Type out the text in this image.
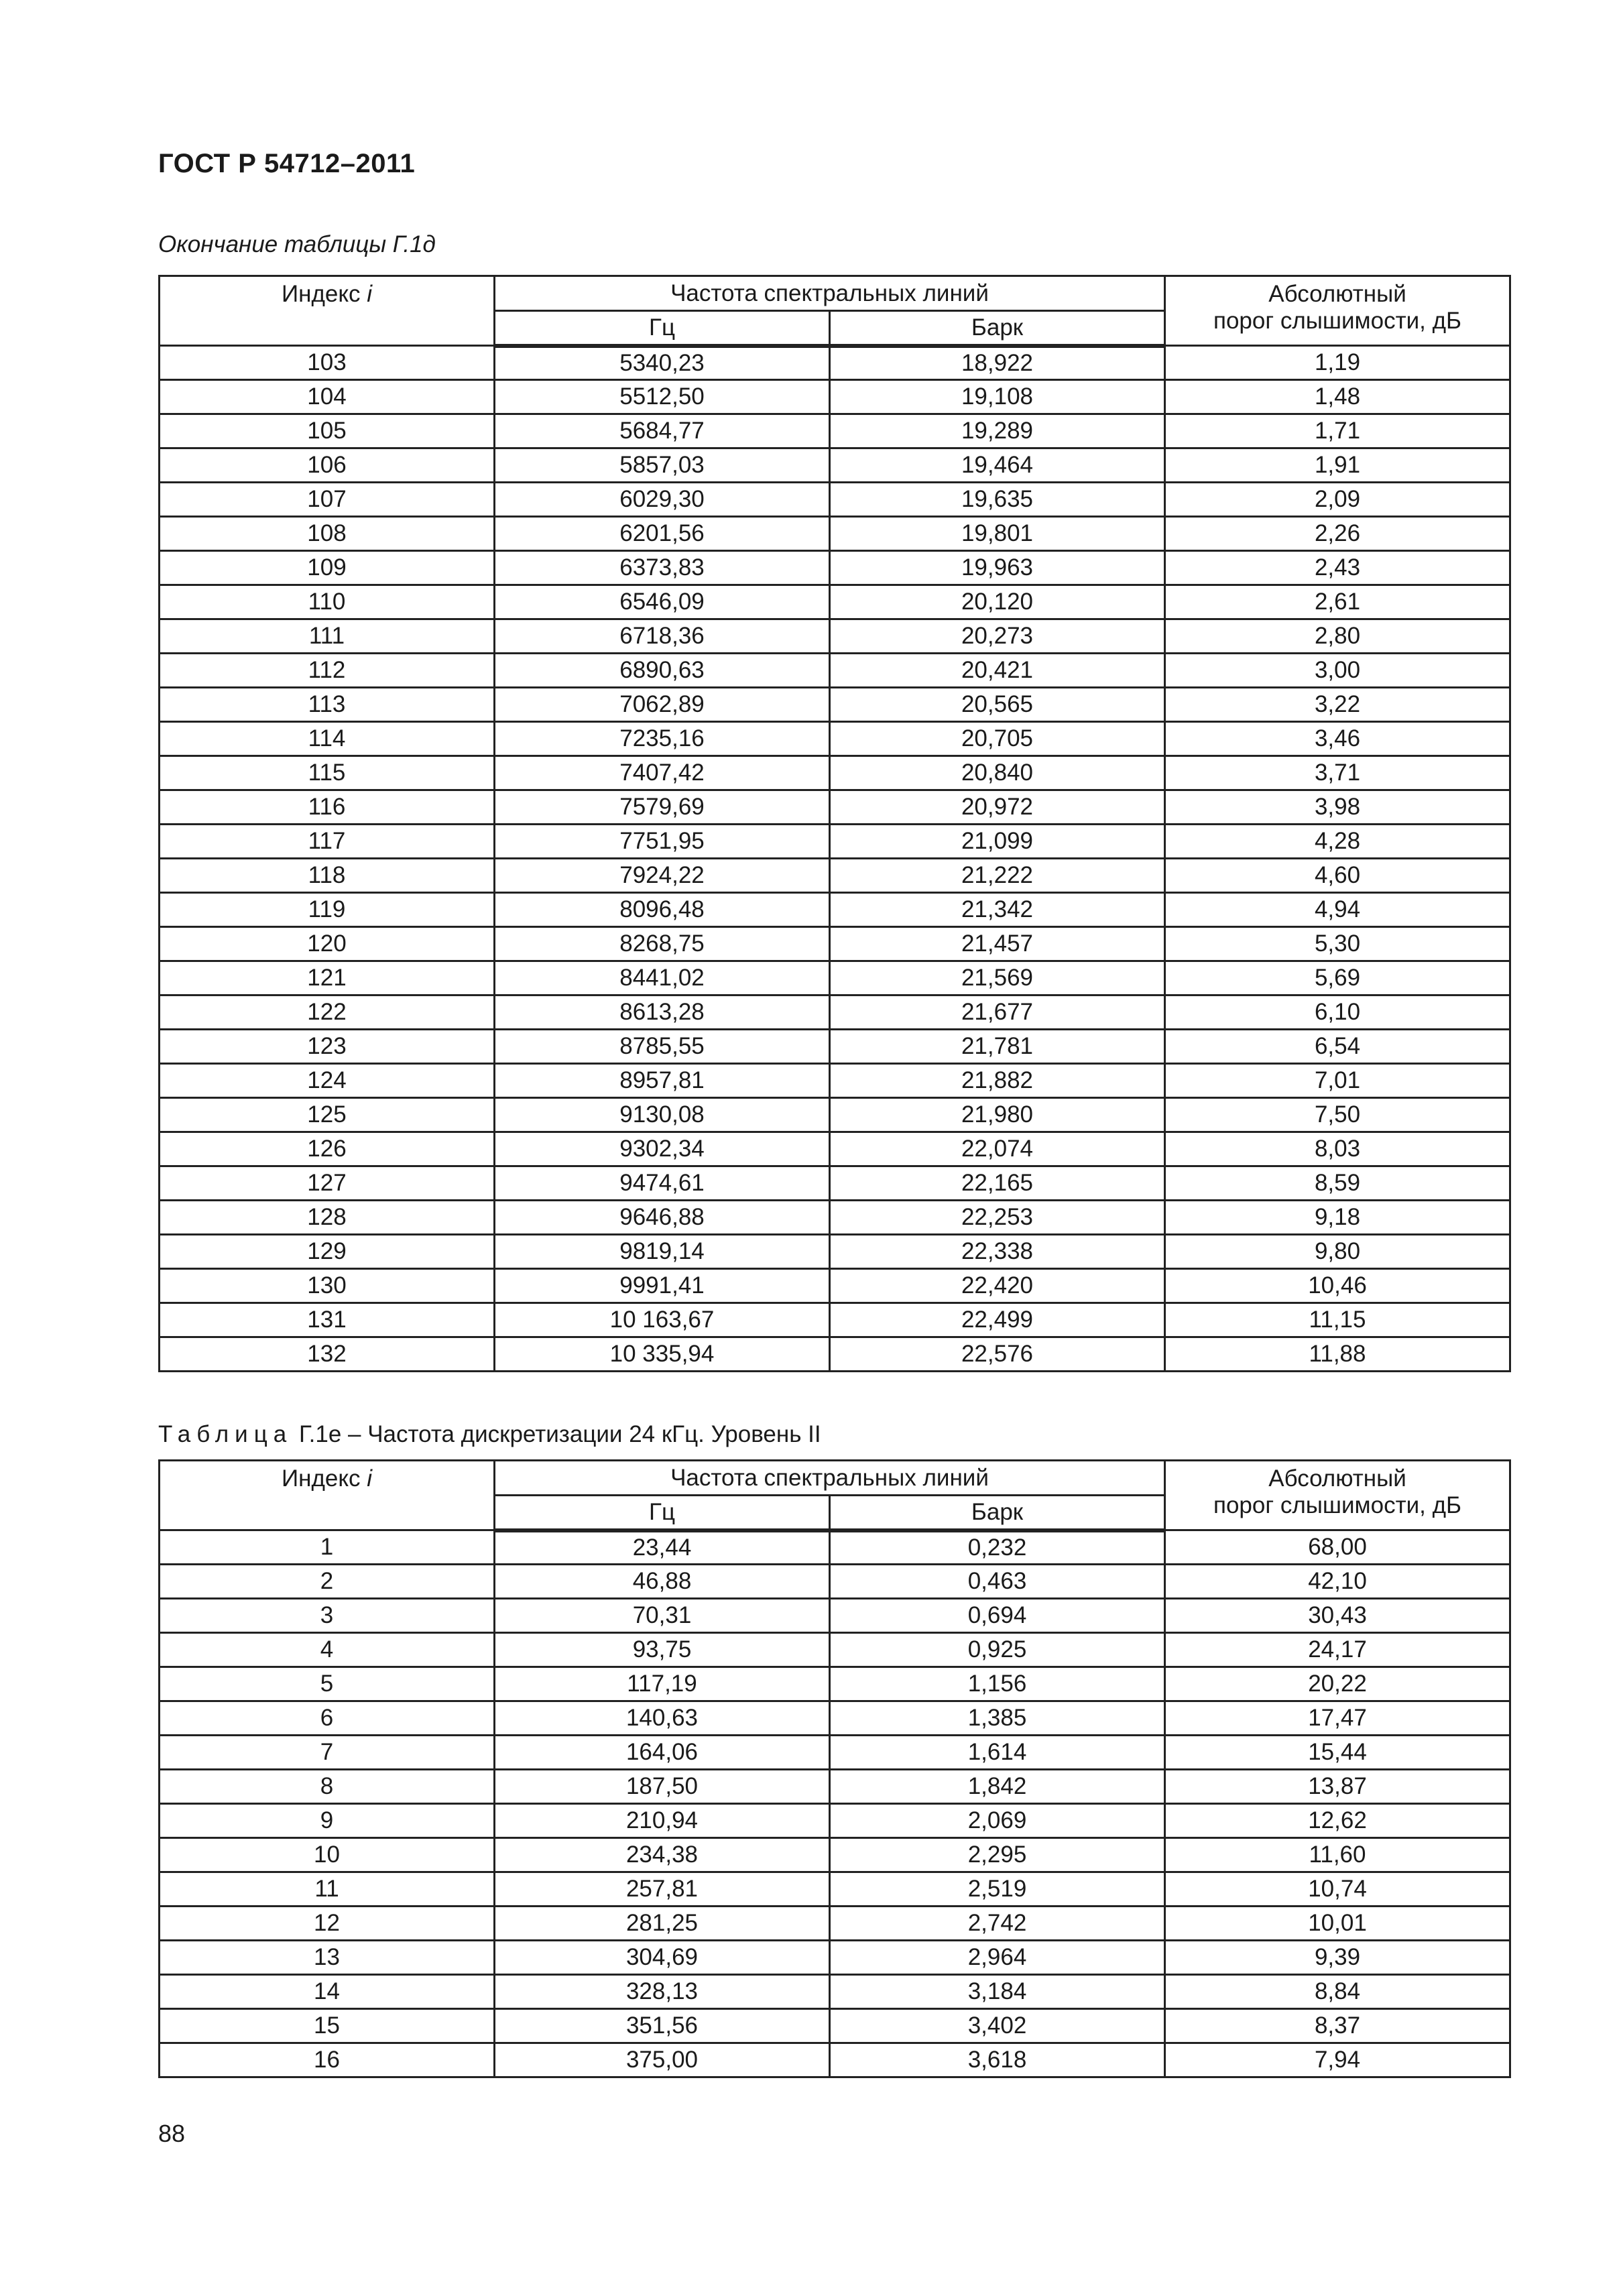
ГОСТ Р 54712–2011
Окончание таблицы Г.1д
Индекс i	Частота спектральных линий		Абсолютный
порог слышимости, дБ

	Гц	Барк	
103	5340,23	18,922	1,19
104	5512,50	19,108	1,48
105	5684,77	19,289	1,71
106	5857,03	19,464	1,91
107	6029,30	19,635	2,09
108	6201,56	19,801	2,26
109	6373,83	19,963	2,43
110	6546,09	20,120	2,61
111	6718,36	20,273	2,80
112	6890,63	20,421	3,00
113	7062,89	20,565	3,22
114	7235,16	20,705	3,46
115	7407,42	20,840	3,71
116	7579,69	20,972	3,98
117	7751,95	21,099	4,28
118	7924,22	21,222	4,60
119	8096,48	21,342	4,94
120	8268,75	21,457	5,30
121	8441,02	21,569	5,69
122	8613,28	21,677	6,10
123	8785,55	21,781	6,54
124	8957,81	21,882	7,01
125	9130,08	21,980	7,50
126	9302,34	22,074	8,03
127	9474,61	22,165	8,59
128	9646,88	22,253	9,18
129	9819,14	22,338	9,80
130	9991,41	22,420	10,46
131	10 163,67	22,499	11,15
132	10 335,94	22,576	11,88
Таблица Г.1е – Частота дискретизации 24 кГц. Уровень II
Индекс i	Частота спектральных линий		Абсолютный
порог слышимости, дБ

	Гц	Барк	
1	23,44	0,232	68,00
2	46,88	0,463	42,10
3	70,31	0,694	30,43
4	93,75	0,925	24,17
5	117,19	1,156	20,22
6	140,63	1,385	17,47
7	164,06	1,614	15,44
8	187,50	1,842	13,87
9	210,94	2,069	12,62
10	234,38	2,295	11,60
11	257,81	2,519	10,74
12	281,25	2,742	10,01
13	304,69	2,964	9,39
14	328,13	3,184	8,84
15	351,56	3,402	8,37
16	375,00	3,618	7,94
88
